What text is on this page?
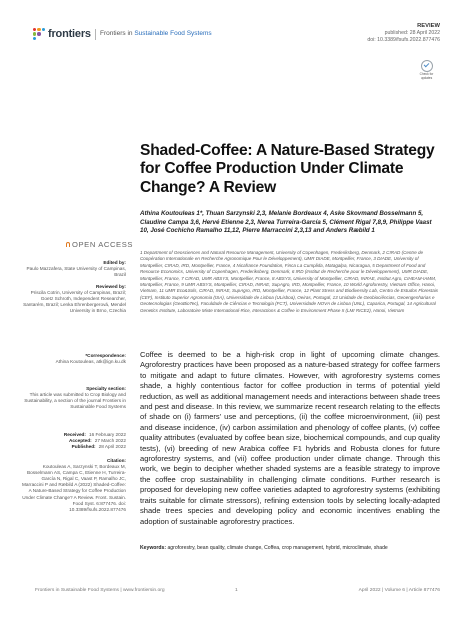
frontiers Frontiers in Sustainable Food Systems
REVIEW
published: 28 April 2022
doi: 10.3389/fsufs.2022.877476
Check for updates
Shaded-Coffee: A Nature-Based Strategy for Coffee Production Under Climate Change? A Review
Athina Koutouleas 1*, Thuan Sarzynski 2,3, Melanie Bordeaux 4, Aske Skovmand Bosselmann 5, Claudine Campa 3,6, Hervé Etienne 2,3, Nerea Turreira-García 5, Clément Rigal 7,8,9, Philippe Vaast 10, José Cochicho Ramalho 11,12, Pierre Marraccini 2,3,13 and Anders Ræbild 1
1 Department of Geosciences and Natural Resource Management, University of Copenhagen, Frederiksberg, Denmark, 2 CIRAD (Centre de Coopération Internationale en Recherche Agronomique Pour le Développement), UMR DIADE, Montpellier, France, 3 DIADE, University of Montpellier, CIRAD, IRD, Montpellier, France, 4 Nicafrance Foundation, Finca La Cumplida, Matagalpa, Nicaragua, 5 Department of Food and Resource Economics, University of Copenhagen, Frederiksberg, Denmark, 6 IRD (Institut de Recherche pour le Développement), UMR DIADE, Montpellier, France, 7 CIRAD, UMR ABSYS, Montpellier, France, 8 ABSYS, University of Montpellier, CIRAD, INRAE, Institut Agro, CIHEAM-IAMM, Montpellier, France, 9 UMR ABSYS, Montpellier, CIRAD, INRAE, SupAgro, IRD, Montpellier, France, 10 World Agroforestry, Vietnam Office, Hanoi, Vietnam, 11 UMR Eco&Sols, CIRAD, INRAE, SupAgro, IRD, Montpellier, France, 12 Plant Stress and Biodiversity Lab, Centro de Estudos Florestais (CEF), Instituto Superior Agronomia (ISA), Universidade de Lisboa (ULisboa), Oeiras, Portugal, 13 Unidade de Geobiociências, Geoengenharias e Geotecnologias (GeoBioTec), Faculdade de Ciências e Tecnologia (FCT), Universidade NOVA de Lisboa (UNL), Caparica, Portugal, 14 Agricultural Genetics Institute, Laboratoire Mixte International-Rice, Interactions & Coffee in Environment Phase II (LMI RICE2), Hanoi, Vietnam
OPEN ACCESS
Edited by:
Paulo Mazzafera, State University of Campinas, Brazil
Reviewed by:
Priscila Cotrin, University of Campinas, Brazil; Goetz Schroth, Independent Researcher, Santarém, Brazil; Lenka Ehrenbergerová, Mendel University in Brno, Czechia
*Correspondence:
Athina Koutouleas, atk@ign.ku.dk
Specialty section:
This article was submitted to Crop Biology and Sustainability, a section of the journal Frontiers in Sustainable Food Systems
Received: 16 February 2022
Accepted: 27 March 2022
Published: 28 April 2022
Citation:
Koutouleas A, Sarzynski T, Bordeaux M, Bosselmann AS, Campa C, Etienne H, Turreira-García N, Rigal C, Vaast P, Ramalho JC, Marraccini P and Ræbild A (2022) Shaded-Coffee: A Nature-Based Strategy for Coffee Production Under Climate Change? A Review. Front. Sustain. Food Syst. 6:877476. doi: 10.3389/fsufs.2022.877476

Coffee is deemed to be a high-risk crop in light of upcoming climate changes. Agroforestry practices have been proposed as a nature-based strategy for coffee farmers to mitigate and adapt to future climates. However, with agroforestry systems comes shade, a highly contentious factor for coffee production in terms of potential yield reduction, as well as additional management needs and interactions between shade trees and pest and disease. In this review, we summarize recent research relating to the effects of shade on (i) farmers' use and perceptions, (ii) the coffee microenvironment, (iii) pest and disease incidence, (iv) carbon assimilation and phenology of coffee plants, (v) coffee quality attributes (evaluated by coffee bean size, biochemical compounds, and cup quality tests), (vi) breeding of new Arabica coffee F1 hybrids and Robusta clones for future agroforestry systems, and (vii) coffee production under climate change. Through this work, we begin to decipher whether shaded systems are a feasible strategy to improve the coffee crop sustainability in challenging climate conditions. Further research is proposed for developing new coffee varieties adapted to agroforestry systems (exhibiting traits suitable for climate stressors), refining extension tools by selecting locally-adapted shade trees species and developing policy and economic incentives enabling the adoption of sustainable agroforestry practices.

Keywords: agroforestry, bean quality, climate change, Coffea, crop management, hybrid, microclimate, shade
Frontiers in Sustainable Food Systems | www.frontiersin.org	1	April 2022 | Volume 6 | Article 877476
